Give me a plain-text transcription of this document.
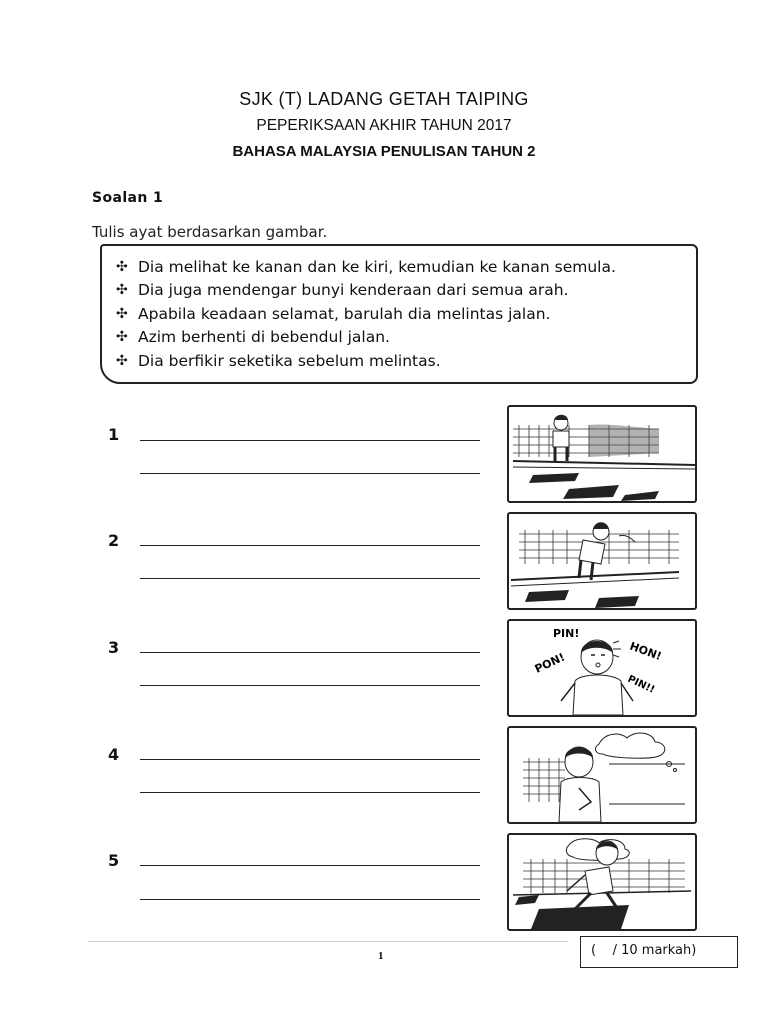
SJK (T) LADANG GETAH TAIPING
PEPERIKSAAN AKHIR TAHUN 2017
BAHASA MALAYSIA PENULISAN TAHUN 2
Soalan 1
Tulis ayat berdasarkan gambar.
✣ Dia melihat ke kanan dan ke kiri, kemudian ke kanan semula.
✣ Dia juga mendengar bunyi kenderaan dari semua arah.
✣ Apabila keadaan selamat, barulah dia melintas jalan.
✣ Azim berhenti di bebendul jalan.
✣ Dia berfikir seketika sebelum melintas.
1
2
3
PIN!
HON!
PON!
PIN!!
4
5
1	(    / 10 markah)
